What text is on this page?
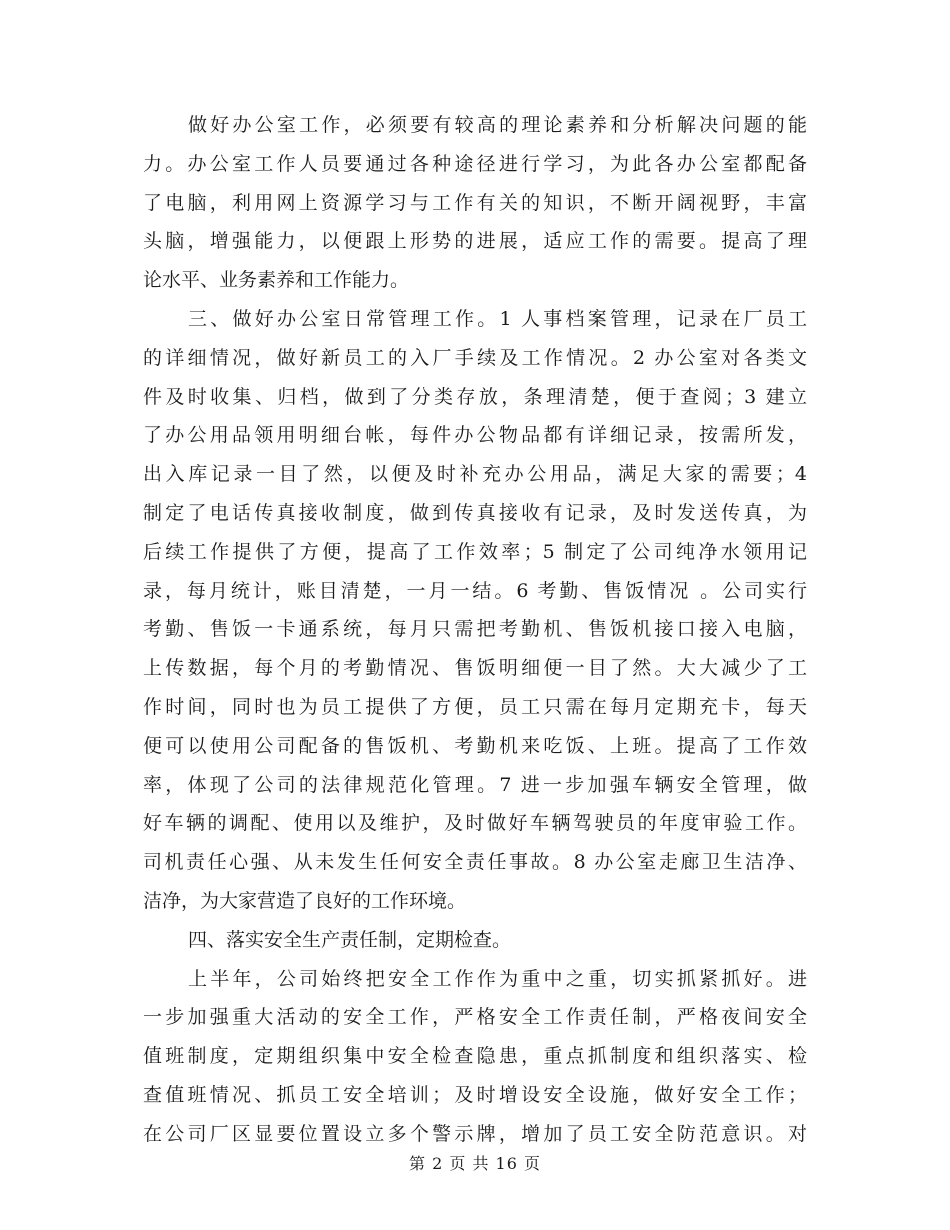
做好办公室工作，必须要有较高的理论素养和分析解决问题的能
力。办公室工作人员要通过各种途径进行学习，为此各办公室都配备
了电脑，利用网上资源学习与工作有关的知识，不断开阔视野，丰富
头脑，增强能力，以便跟上形势的进展，适应工作的需要。提高了理
论水平、业务素养和工作能力。
三、做好办公室日常管理工作。1 人事档案管理，记录在厂员工
的详细情况，做好新员工的入厂手续及工作情况。2 办公室对各类文
件及时收集、归档，做到了分类存放，条理清楚，便于查阅；3 建立
了办公用品领用明细台帐，每件办公物品都有详细记录，按需所发，
出入库记录一目了然，以便及时补充办公用品，满足大家的需要；4
制定了电话传真接收制度，做到传真接收有记录，及时发送传真，为
后续工作提供了方便，提高了工作效率；5 制定了公司纯净水领用记
录，每月统计，账目清楚，一月一结。6 考勤、售饭情况 。公司实行
考勤、售饭一卡通系统，每月只需把考勤机、售饭机接口接入电脑，
上传数据，每个月的考勤情况、售饭明细便一目了然。大大减少了工
作时间，同时也为员工提供了方便，员工只需在每月定期充卡，每天
便可以使用公司配备的售饭机、考勤机来吃饭、上班。提高了工作效
率，体现了公司的法律规范化管理。7 进一步加强车辆安全管理，做
好车辆的调配、使用以及维护，及时做好车辆驾驶员的年度审验工作。
司机责任心强、从未发生任何安全责任事故。8 办公室走廊卫生洁净、
洁净，为大家营造了良好的工作环境。
四、落实安全生产责任制，定期检查。
上半年，公司始终把安全工作作为重中之重，切实抓紧抓好。进
一步加强重大活动的安全工作，严格安全工作责任制，严格夜间安全
值班制度，定期组织集中安全检查隐患，重点抓制度和组织落实、检
查值班情况、抓员工安全培训；及时增设安全设施，做好安全工作；
在公司厂区显要位置设立多个警示牌，增加了员工安全防范意识。对
第 2 页 共 16 页
